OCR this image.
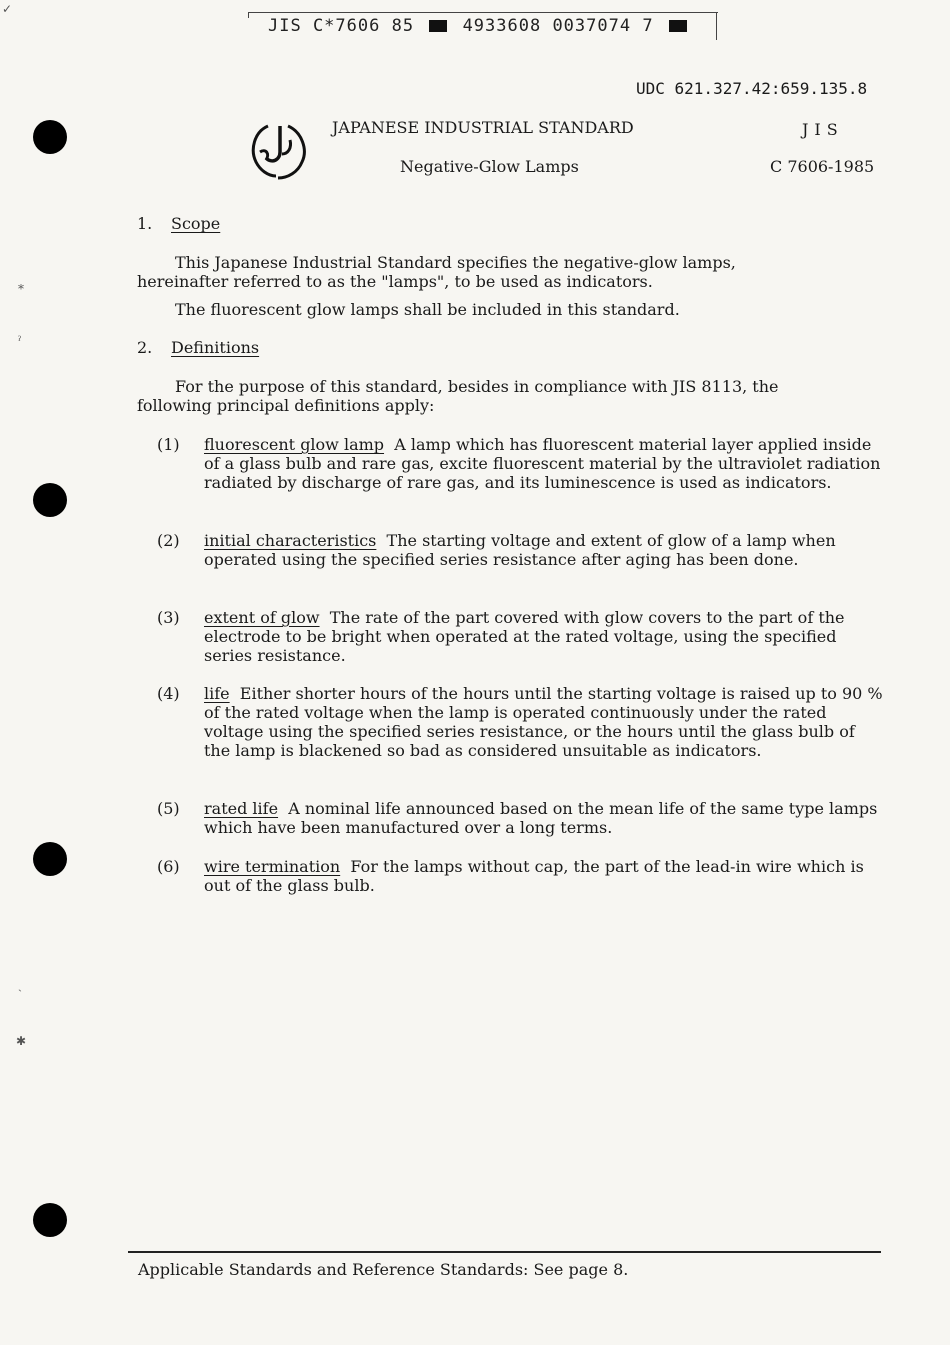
JIS C*7606 85	4933608 0037074 7
✓
⁎
ˀ
ˎ
✱
UDC 621.327.42:659.135.8
JAPANESE INDUSTRIAL STANDARD	JIS
Negative-Glow Lamps	C 7606-1985
1. Scope
This Japanese Industrial Standard specifies the negative-glow lamps,
hereinafter referred to as the "lamps", to be used as indicators.
The fluorescent glow lamps shall be included in this standard.
2. Definitions
For the purpose of this standard, besides in compliance with JIS 8113, the
following principal definitions apply:
(1) fluorescent glow lamp A lamp which has fluorescent material layer applied inside of a glass bulb and rare gas, excite fluorescent material by the ultraviolet radiation radiated by discharge of rare gas, and its luminescence is used as indicators.
(2) initial characteristics The starting voltage and extent of glow of a lamp when operated using the specified series resistance after aging has been done.
(3) extent of glow The rate of the part covered with glow covers to the part of the electrode to be bright when operated at the rated voltage, using the specified series resistance.
(4) life Either shorter hours of the hours until the starting voltage is raised up to 90 % of the rated voltage when the lamp is operated continuously under the rated voltage using the specified series resistance, or the hours until the glass bulb of the lamp is blackened so bad as considered unsuitable as indicators.
(5) rated life A nominal life announced based on the mean life of the same type lamps which have been manufactured over a long terms.
(6) wire termination For the lamps without cap, the part of the lead-in wire which is out of the glass bulb.
Applicable Standards and Reference Standards: See page 8.
